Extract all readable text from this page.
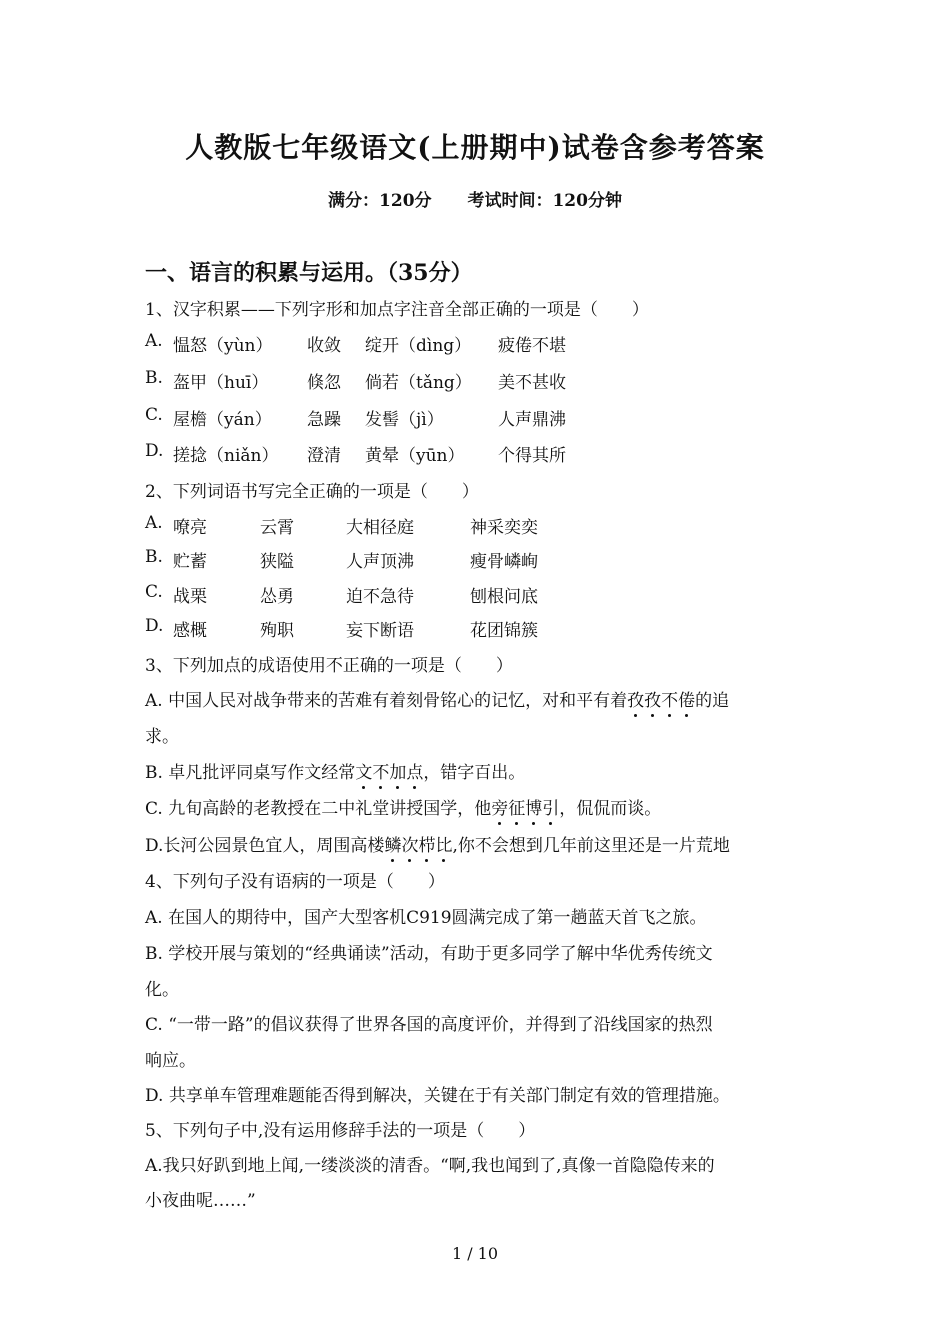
人教版七年级语文(上册期中)试卷含参考答案
满分：120分 考试时间：120分钟
一、语言的积累与运用。（35分）
1、汉字积累——下列字形和加点字注音全部正确的一项是（　　）
A. 愠怒（yùn） 收敛 绽开（dìng） 疲倦不堪
B. 盔甲（huī） 倏忽 倘若（tǎng） 美不甚收
C. 屋檐（yán） 急躁 发髻（jì）	人声鼎沸
D. 搓捻（niǎn） 澄清 黄晕（yūn） 个得其所
2、下列词语书写完全正确的一项是（　　）
A. 嘹亮	云霄	大相径庭	神采奕奕
B. 贮蓄	狭隘	人声顶沸	瘦骨嶙峋
C. 战栗	怂勇	迫不急待	刨根问底
D. 感概	殉职	妄下断语	花团锦簇
3、下列加点的成语使用不正确的一项是（　　）
A. 中国人民对战争带来的苦难有着刻骨铭心的记忆，对和平有着孜孜不倦的追
求。
B. 卓凡批评同桌写作文经常文不加点，错字百出。
C. 九旬高龄的老教授在二中礼堂讲授国学，他旁征博引，侃侃而谈。
D.长河公园景色宜人，周围高楼鳞次栉比,你不会想到几年前这里还是一片荒地
4、下列句子没有语病的一项是（　　）
A. 在国人的期待中，国产大型客机C919圆满完成了第一趟蓝天首飞之旅。
B. 学校开展与策划的“经典诵读”活动，有助于更多同学了解中华优秀传统文
化。
C. “一带一路”的倡议获得了世界各国的高度评价，并得到了沿线国家的热烈
响应。
D. 共享单车管理难题能否得到解决，关键在于有关部门制定有效的管理措施。
5、下列句子中,没有运用修辞手法的一项是（　　）
A.我只好趴到地上闻,一缕淡淡的清香。“啊,我也闻到了,真像一首隐隐传来的
小夜曲呢……”
1 / 10
